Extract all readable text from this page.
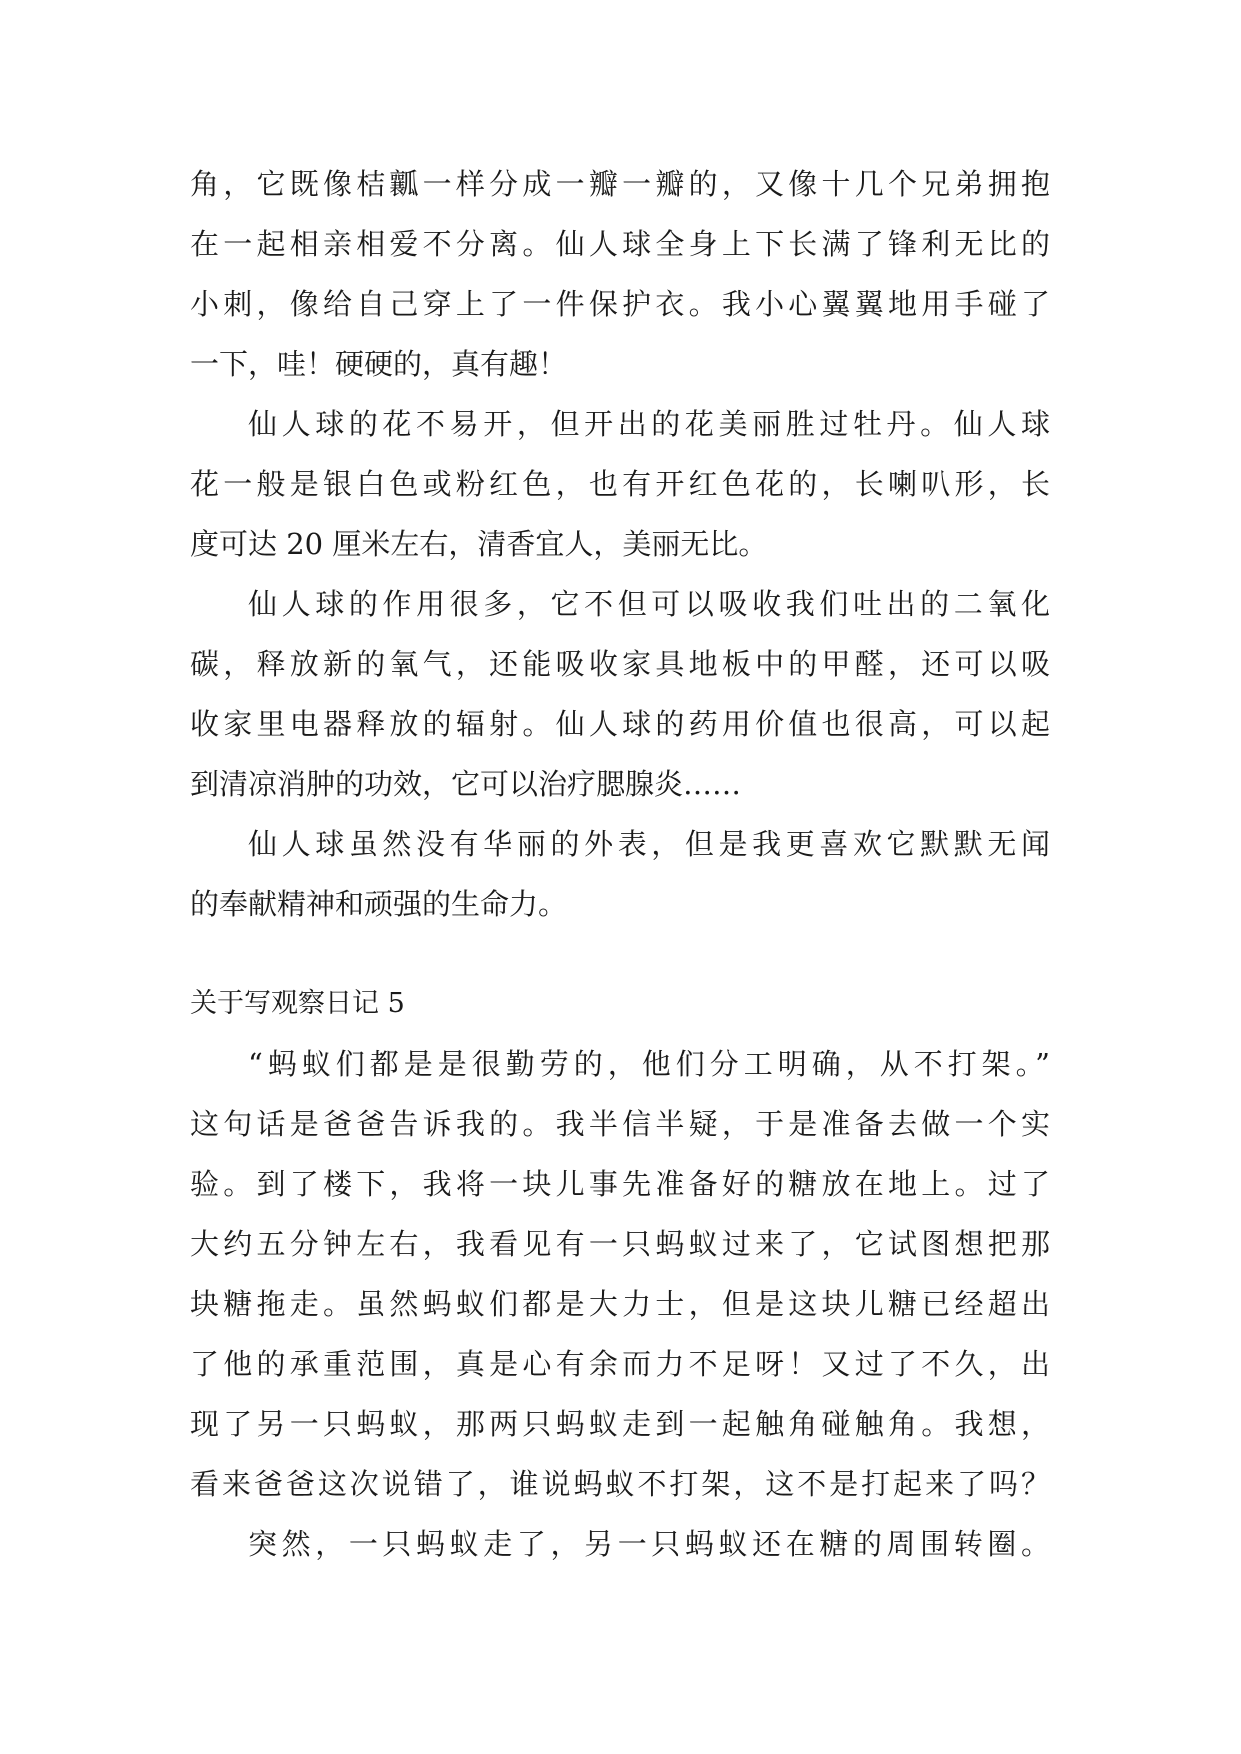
角，它既像桔瓤一样分成一瓣一瓣的，又像十几个兄弟拥抱
在一起相亲相爱不分离。仙人球全身上下长满了锋利无比的
小刺，像给自己穿上了一件保护衣。我小心翼翼地用手碰了
一下，哇！硬硬的，真有趣！
仙人球的花不易开，但开出的花美丽胜过牡丹。仙人球
花一般是银白色或粉红色，也有开红色花的，长喇叭形，长
度可达 20 厘米左右，清香宜人，美丽无比。
仙人球的作用很多，它不但可以吸收我们吐出的二氧化
碳，释放新的氧气，还能吸收家具地板中的甲醛，还可以吸
收家里电器释放的辐射。仙人球的药用价值也很高，可以起
到清凉消肿的功效，它可以治疗腮腺炎……
仙人球虽然没有华丽的外表，但是我更喜欢它默默无闻
的奉献精神和顽强的生命力。
关于写观察日记 5
“蚂蚁们都是是很勤劳的，他们分工明确，从不打架。”
这句话是爸爸告诉我的。我半信半疑，于是准备去做一个实
验。到了楼下，我将一块儿事先准备好的糖放在地上。过了
大约五分钟左右，我看见有一只蚂蚁过来了，它试图想把那
块糖拖走。虽然蚂蚁们都是大力士，但是这块儿糖已经超出
了他的承重范围，真是心有余而力不足呀！又过了不久，出
现了另一只蚂蚁，那两只蚂蚁走到一起触角碰触角。我想，
看来爸爸这次说错了，谁说蚂蚁不打架，这不是打起来了吗？
突然，一只蚂蚁走了，另一只蚂蚁还在糖的周围转圈。
